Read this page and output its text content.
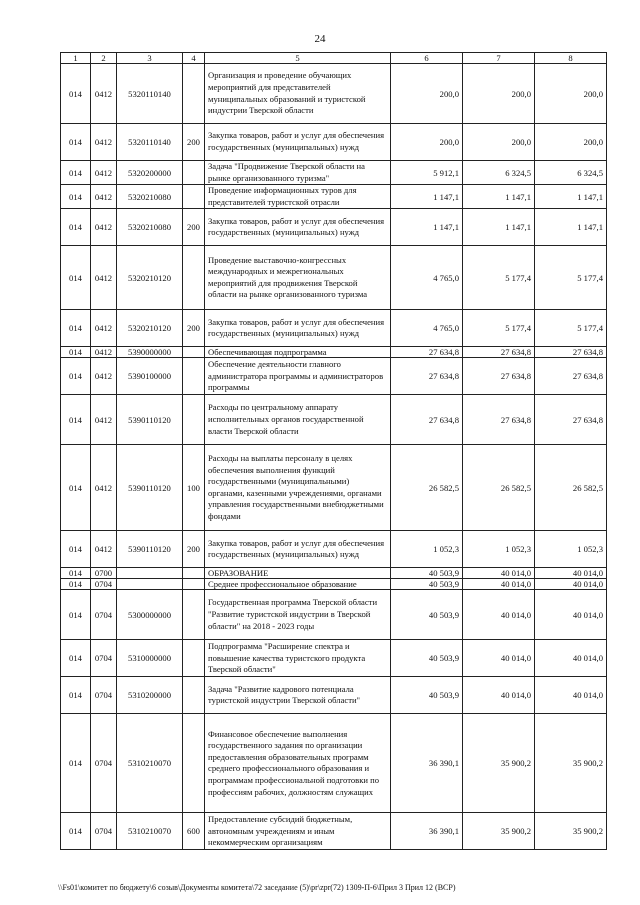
24
1	2	3	4	5	6	7	8
014	0412	5320110140		Организация и проведение обучающих мероприятий для представителей муниципальных образований и туристской индустрии Тверской области	200,0	200,0	200,0
014	0412	5320110140	200	Закупка товаров, работ и услуг для обеспечения государственных (муниципальных) нужд	200,0	200,0	200,0
014	0412	5320200000		Задача "Продвижение Тверской области на рынке организованного туризма"	5 912,1	6 324,5	6 324,5
014	0412	5320210080		Проведение информационных туров для представителей туристской отрасли	1 147,1	1 147,1	1 147,1
014	0412	5320210080	200	Закупка товаров, работ и услуг для обеспечения государственных (муниципальных) нужд	1 147,1	1 147,1	1 147,1
014	0412	5320210120		Проведение выставочно-конгрессных международных и межрегиональных мероприятий для продвижения Тверской области на рынке организованного туризма	4 765,0	5 177,4	5 177,4
014	0412	5320210120	200	Закупка товаров, работ и услуг для обеспечения государственных (муниципальных) нужд	4 765,0	5 177,4	5 177,4
014	0412	5390000000		Обеспечивающая подпрограмма	27 634,8	27 634,8	27 634,8
014	0412	5390100000		Обеспечение деятельности главного администратора программы и администраторов программы	27 634,8	27 634,8	27 634,8
014	0412	5390110120		Расходы по центральному аппарату исполнительных органов государственной власти Тверской области	27 634,8	27 634,8	27 634,8
014	0412	5390110120	100	Расходы на выплаты персоналу в целях обеспечения выполнения функций государственными (муниципальными) органами, казенными учреждениями, органами управления государственными внебюджетными фондами	26 582,5	26 582,5	26 582,5
014	0412	5390110120	200	Закупка товаров, работ и услуг для обеспечения государственных (муниципальных) нужд	1 052,3	1 052,3	1 052,3
014	0700			ОБРАЗОВАНИЕ	40 503,9	40 014,0	40 014,0
014	0704			Среднее профессиональное образование	40 503,9	40 014,0	40 014,0
014	0704	5300000000		Государственная программа Тверской области "Развитие туристской индустрии в Тверской области" на 2018 - 2023 годы	40 503,9	40 014,0	40 014,0
014	0704	5310000000		Подпрограмма "Расширение спектра и повышение качества туристского продукта Тверской области"	40 503,9	40 014,0	40 014,0
014	0704	5310200000		Задача "Развитие кадрового потенциала туристской индустрии Тверской области"	40 503,9	40 014,0	40 014,0
014	0704	5310210070		Финансовое обеспечение выполнения государственного задания по организации предоставления образовательных программ среднего профессионального образования и программам профессиональной подготовки по профессиям рабочих, должностям служащих	36 390,1	35 900,2	35 900,2
014	0704	5310210070	600	Предоставление субсидий бюджетным, автономным учреждениям и иным некоммерческим организациям	36 390,1	35 900,2	35 900,2
\\Fs01\комитет по бюджету\6 созыв\Документы комитета\72 заседание (5)\pr\zpr(72) 1309-П-6\Прил 3 Прил 12 (ВСР)
